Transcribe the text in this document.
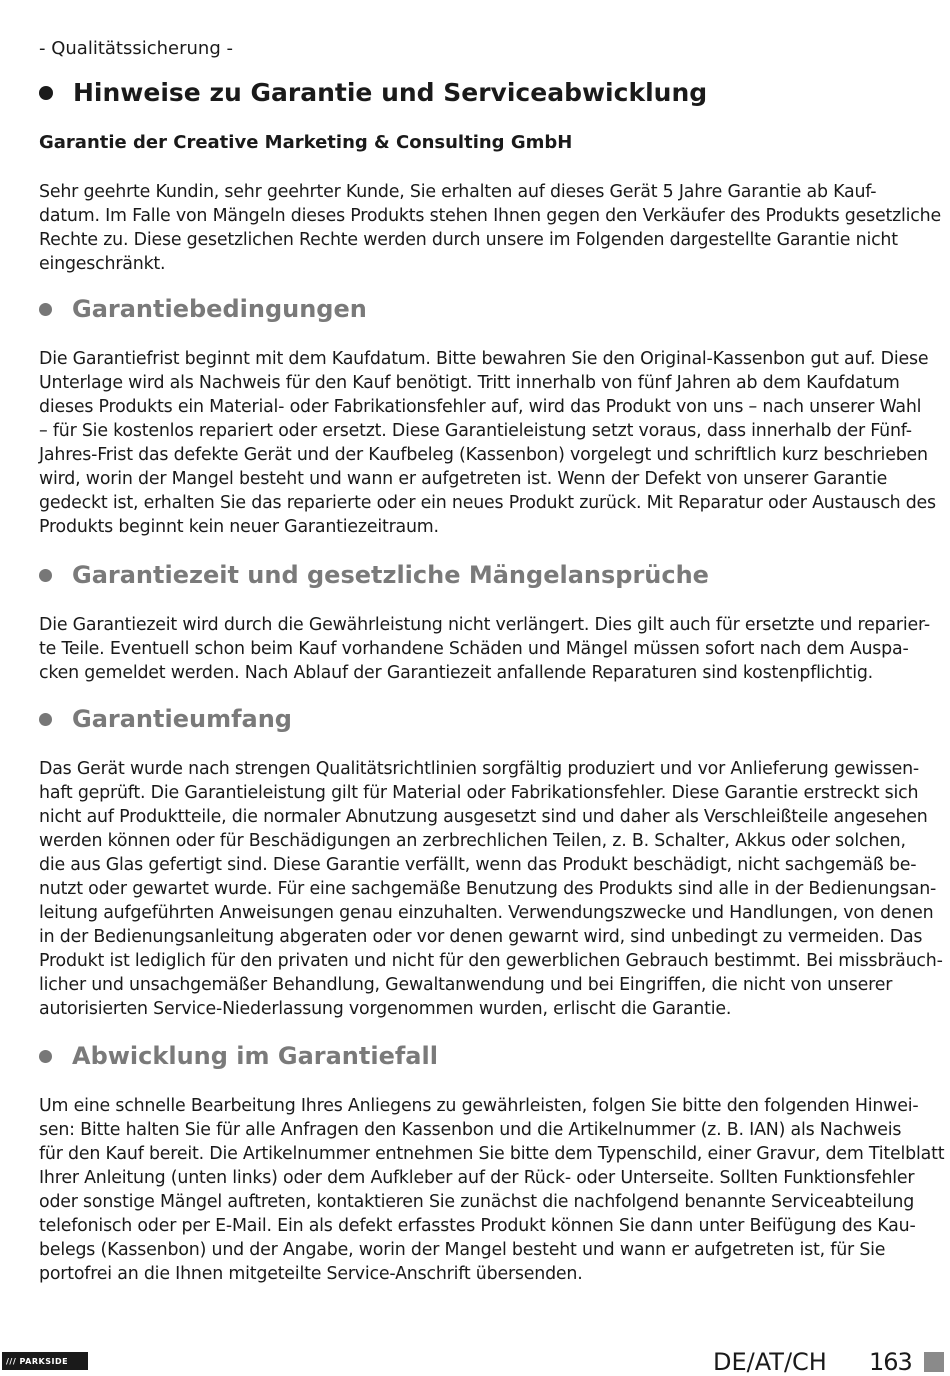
- Qualitätssicherung -
Hinweise zu Garantie und Serviceabwicklung
Garantie der Creative Marketing & Consulting GmbH
Sehr geehrte Kundin, sehr geehrter Kunde, Sie erhalten auf dieses Gerät 5 Jahre Garantie ab Kauf-
datum. Im Falle von Mängeln dieses Produkts stehen Ihnen gegen den Verkäufer des Produkts gesetzliche
Rechte zu. Diese gesetzlichen Rechte werden durch unsere im Folgenden dargestellte Garantie nicht
eingeschränkt.
Garantiebedingungen
Die Garantiefrist beginnt mit dem Kaufdatum. Bitte bewahren Sie den Original-Kassenbon gut auf. Diese
Unterlage wird als Nachweis für den Kauf benötigt. Tritt innerhalb von fünf Jahren ab dem Kaufdatum
dieses Produkts ein Material- oder Fabrikationsfehler auf, wird das Produkt von uns – nach unserer Wahl
– für Sie kostenlos repariert oder ersetzt. Diese Garantieleistung setzt voraus, dass innerhalb der Fünf-
Jahres-Frist das defekte Gerät und der Kaufbeleg (Kassenbon) vorgelegt und schriftlich kurz beschrieben
wird, worin der Mangel besteht und wann er aufgetreten ist. Wenn der Defekt von unserer Garantie
gedeckt ist, erhalten Sie das reparierte oder ein neues Produkt zurück. Mit Reparatur oder Austausch des
Produkts beginnt kein neuer Garantiezeitraum.
Garantiezeit und gesetzliche Mängelansprüche
Die Garantiezeit wird durch die Gewährleistung nicht verlängert. Dies gilt auch für ersetzte und reparier-
te Teile. Eventuell schon beim Kauf vorhandene Schäden und Mängel müssen sofort nach dem Auspa-
cken gemeldet werden. Nach Ablauf der Garantiezeit anfallende Reparaturen sind kostenpflichtig.
Garantieumfang
Das Gerät wurde nach strengen Qualitätsrichtlinien sorgfältig produziert und vor Anlieferung gewissen-
haft geprüft. Die Garantieleistung gilt für Material oder Fabrikationsfehler. Diese Garantie erstreckt sich
nicht auf Produktteile, die normaler Abnutzung ausgesetzt sind und daher als Verschleißteile angesehen
werden können oder für Beschädigungen an zerbrechlichen Teilen, z. B. Schalter, Akkus oder solchen,
die aus Glas gefertigt sind. Diese Garantie verfällt, wenn das Produkt beschädigt, nicht sachgemäß be-
nutzt oder gewartet wurde. Für eine sachgemäße Benutzung des Produkts sind alle in der Bedienungsan-
leitung aufgeführten Anweisungen genau einzuhalten. Verwendungszwecke und Handlungen, von denen
in der Bedienungsanleitung abgeraten oder vor denen gewarnt wird, sind unbedingt zu vermeiden. Das
Produkt ist lediglich für den privaten und nicht für den gewerblichen Gebrauch bestimmt. Bei missbräuch-
licher und unsachgemäßer Behandlung, Gewaltanwendung und bei Eingriffen, die nicht von unserer
autorisierten Service-Niederlassung vorgenommen wurden, erlischt die Garantie.
Abwicklung im Garantiefall
Um eine schnelle Bearbeitung Ihres Anliegens zu gewährleisten, folgen Sie bitte den folgenden Hinwei-
sen: Bitte halten Sie für alle Anfragen den Kassenbon und die Artikelnummer (z. B. IAN) als Nachweis
für den Kauf bereit. Die Artikelnummer entnehmen Sie bitte dem Typenschild, einer Gravur, dem Titelblatt
Ihrer Anleitung (unten links) oder dem Aufkleber auf der Rück- oder Unterseite. Sollten Funktionsfehler
oder sonstige Mängel auftreten, kontaktieren Sie zunächst die nachfolgend benannte Serviceabteilung
telefonisch oder per E-Mail. Ein als defekt erfasstes Produkt können Sie dann unter Beifügung des Kau-
belegs (Kassenbon) und der Angabe, worin der Mangel besteht und wann er aufgetreten ist, für Sie
portofrei an die Ihnen mitgeteilte Service-Anschrift übersenden.
/// PARKSIDE	DE/AT/CH 163
